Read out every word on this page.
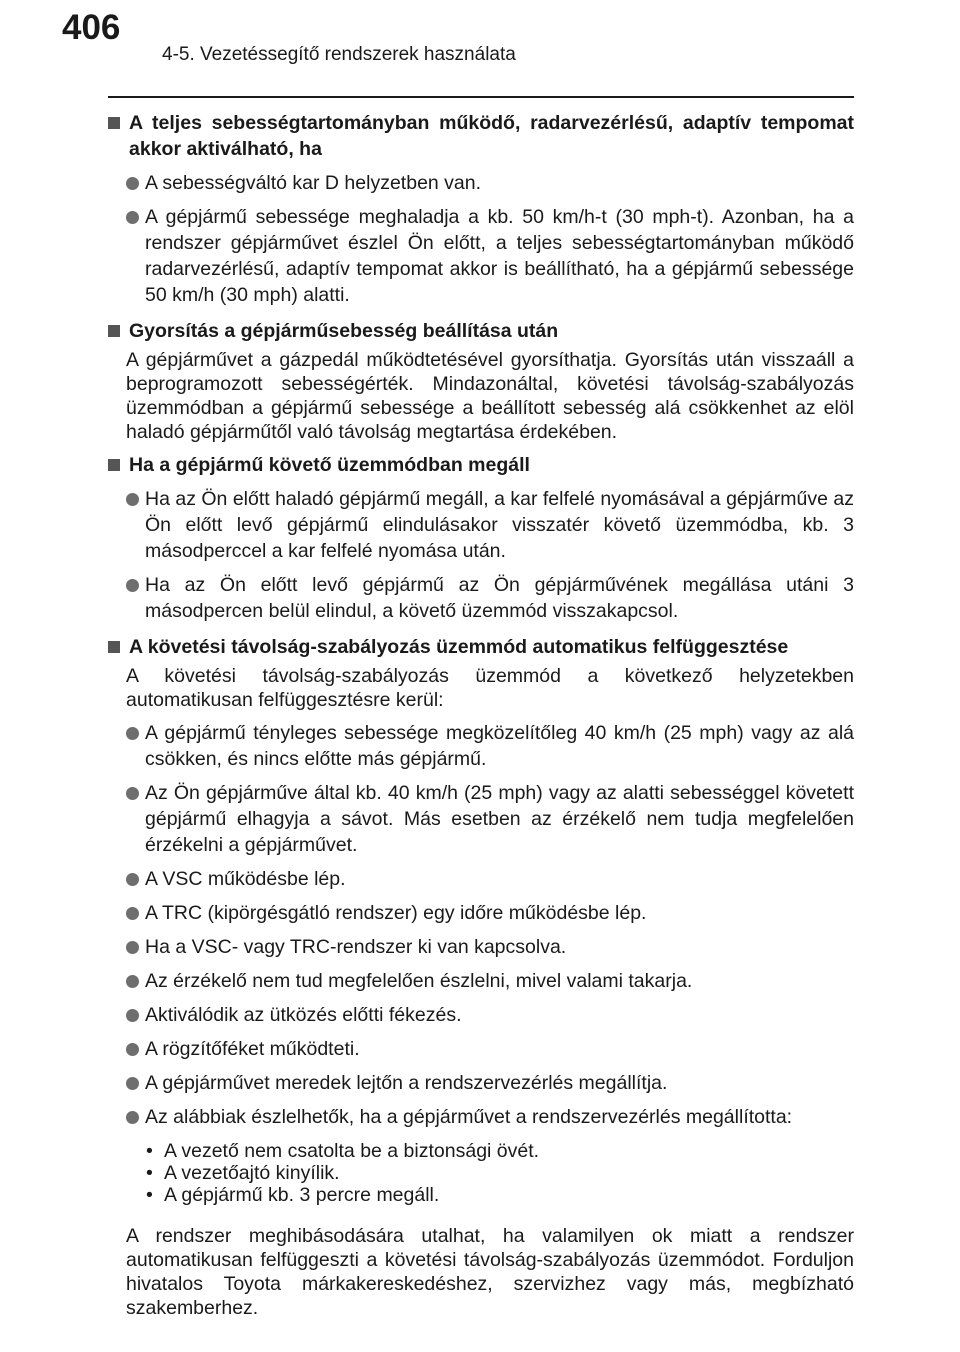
406
4-5. Vezetéssegítő rendszerek használata
A teljes sebességtartományban működő, radarvezérlésű, adaptív tempomat akkor aktiválható, ha
A sebességváltó kar D helyzetben van.
A gépjármű sebessége meghaladja a kb. 50 km/h-t (30 mph-t). Azonban, ha a rendszer gépjárművet észlel Ön előtt, a teljes sebességtartományban működő radarvezérlésű, adaptív tempomat akkor is beállítható, ha a gépjármű sebessége 50 km/h (30 mph) alatti.
Gyorsítás a gépjárműsebesség beállítása után
A gépjárművet a gázpedál működtetésével gyorsíthatja. Gyorsítás után visszaáll a beprogramozott sebességérték. Mindazonáltal, követési távolság-szabályozás üzemmódban a gépjármű sebessége a beállított sebesség alá csökkenhet az elöl haladó gépjárműtől való távolság megtartása érdekében.
Ha a gépjármű követő üzemmódban megáll
Ha az Ön előtt haladó gépjármű megáll, a kar felfelé nyomásával a gépjárműve az Ön előtt levő gépjármű elindulásakor visszatér követő üzemmódba, kb. 3 másodperccel a kar felfelé nyomása után.
Ha az Ön előtt levő gépjármű az Ön gépjárművének megállása utáni 3 másodpercen belül elindul, a követő üzemmód visszakapcsol.
A követési távolság-szabályozás üzemmód automatikus felfüggesztése
A követési távolság-szabályozás üzemmód a következő helyzetekben automatikusan felfüggesztésre kerül:
A gépjármű tényleges sebessége megközelítőleg 40 km/h (25 mph) vagy az alá csökken, és nincs előtte más gépjármű.
Az Ön gépjárműve által kb. 40 km/h (25 mph) vagy az alatti sebességgel követett gépjármű elhagyja a sávot. Más esetben az érzékelő nem tudja megfelelően érzékelni a gépjárművet.
A VSC működésbe lép.
A TRC (kipörgésgátló rendszer) egy időre működésbe lép.
Ha a VSC- vagy TRC-rendszer ki van kapcsolva.
Az érzékelő nem tud megfelelően észlelni, mivel valami takarja.
Aktiválódik az ütközés előtti fékezés.
A rögzítőféket működteti.
A gépjárművet meredek lejtőn a rendszervezérlés megállítja.
Az alábbiak észlelhetők, ha a gépjárművet a rendszervezérlés megállította:
• A vezető nem csatolta be a biztonsági övét.
• A vezetőajtó kinyílik.
• A gépjármű kb. 3 percre megáll.
A rendszer meghibásodására utalhat, ha valamilyen ok miatt a rendszer automatikusan felfüggeszti a követési távolság-szabályozás üzemmódot. Forduljon hivatalos Toyota márkakereskedéshez, szervizhez vagy más, megbízható szakemberhez.
